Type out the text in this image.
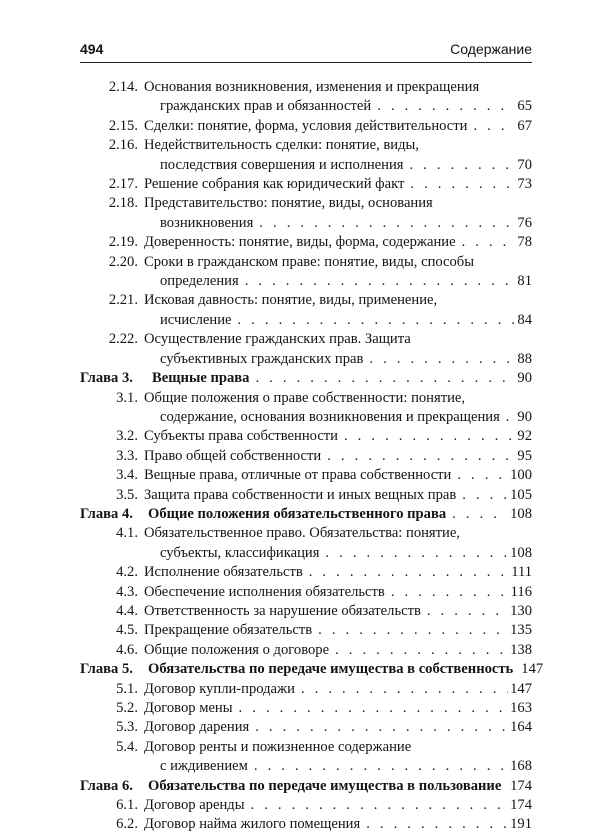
494	Содержание
2.14. Основания возникновения, изменения и прекращения
гражданских прав и обязанностей . . .	65
2.15. Сделки: понятие, форма, условия действительности . . .	67
2.16. Недействительность сделки: понятие, виды,
последствия совершения и исполнения . . .	70
2.17. Решение собрания как юридический факт . . .	73
2.18. Представительство: понятие, виды, основания
возникновения . . .	76
2.19. Доверенность: понятие, виды, форма, содержание . . .	78
2.20. Сроки в гражданском праве: понятие, виды, способы
определения . . .	81
2.21. Исковая давность: понятие, виды, применение,
исчисление . . .	84
2.22. Осуществление гражданских прав. Защита
субъективных гражданских прав . . .	88
Глава 3. Вещные права . . .	90
3.1. Общие положения о праве собственности: понятие,
содержание, основания возникновения и прекращения . . . 90
3.2. Субъекты права собственности . . .	92
3.3. Право общей собственности . . .	95
3.4. Вещные права, отличные от права собственности . . .	100
3.5. Защита права собственности и иных вещных прав . . .	105
Глава 4. Общие положения обязательственного права . . .	108
4.1. Обязательственное право. Обязательства: понятие,
субъекты, классификация . . .	108
4.2. Исполнение обязательств . . .	111
4.3. Обеспечение исполнения обязательств . . .	116
4.4. Ответственность за нарушение обязательств . . .	130
4.5. Прекращение обязательств . . .	135
4.6. Общие положения о договоре . . .	138
Глава 5. Обязательства по передаче имущества в собственность 147
5.1. Договор купли-продажи . . .	147
5.2. Договор мены . . .	163
5.3. Договор дарения . . .	164
5.4. Договор ренты и пожизненное содержание
с иждивением . . .	168
Глава 6. Обязательства по передаче имущества в пользование . . . 174
6.1. Договор аренды . . .	174
6.2. Договор найма жилого помещения . . .	191
